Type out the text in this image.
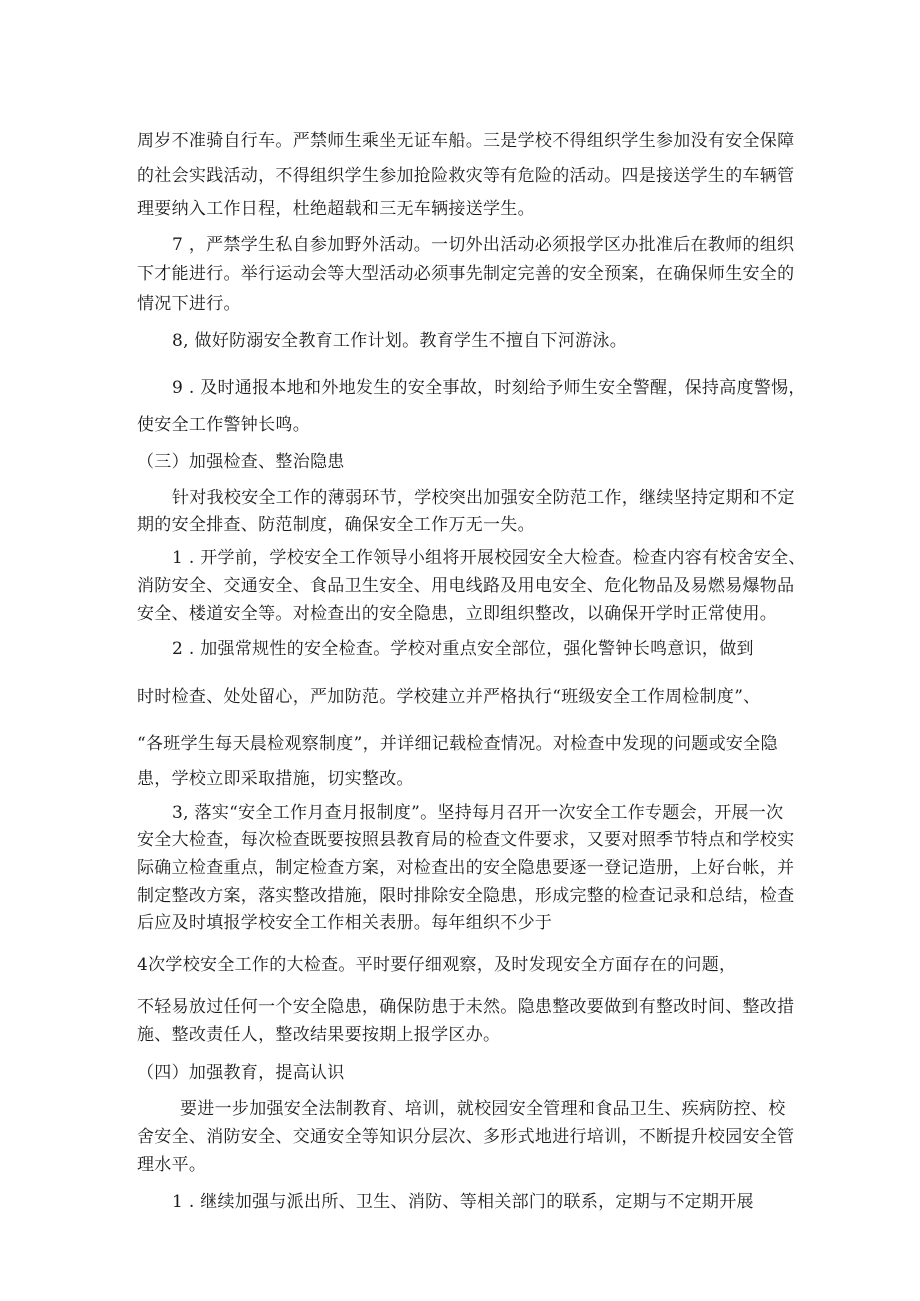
周岁不准骑自行车。严禁师生乘坐无证车船。三是学校不得组织学生参加没有安全保障

的社会实践活动，不得组织学生参加抢险救灾等有危险的活动。四是接送学生的车辆管

理要纳入工作日程，杜绝超载和三无车辆接送学生。

7 ，严禁学生私自参加野外活动。一切外出活动必须报学区办批准后在教师的组织

下才能进行。举行运动会等大型活动必须事先制定完善的安全预案，在确保师生安全的

情况下进行。

8, 做好防溺安全教育工作计划。教育学生不擅自下河游泳。

9 . 及时通报本地和外地发生的安全事故，时刻给予师生安全警醒，保持高度警惕，

使安全工作警钟长鸣。

（三）加强检查、整治隐患

针对我校安全工作的薄弱环节，学校突出加强安全防范工作，继续坚持定期和不定

期的安全排查、防范制度，确保安全工作万无一失。

1 . 开学前，学校安全工作领导小组将开展校园安全大检查。检查内容有校舍安全、

消防安全、交通安全、食品卫生安全、用电线路及用电安全、危化物品及易燃易爆物品

安全、楼道安全等。对检查出的安全隐患，立即组织整改，以确保开学时正常使用。

2 . 加强常规性的安全检查。学校对重点安全部位，强化警钟长鸣意识，做到

时时检查、处处留心，严加防范。学校建立并严格执行“班级安全工作周检制度”、

“各班学生每天晨检观察制度”，并详细记载检查情况。对检查中发现的问题或安全隐

患，学校立即采取措施，切实整改。

3, 落实“安全工作月查月报制度”。坚持每月召开一次安全工作专题会，开展一次

安全大检查，每次检查既要按照县教育局的检查文件要求，又要对照季节特点和学校实

际确立检查重点，制定检查方案，对检查出的安全隐患要逐一登记造册，上好台帐，并

制定整改方案，落实整改措施，限时排除安全隐患，形成完整的检查记录和总结，检查

后应及时填报学校安全工作相关表册。每年组织不少于

4次学校安全工作的大检查。平时要仔细观察，及时发现安全方面存在的问题，

不轻易放过任何一个安全隐患，确保防患于未然。隐患整改要做到有整改时间、整改措

施、整改责任人，整改结果要按期上报学区办。

（四）加强教育，提高认识

要进一步加强安全法制教育、培训，就校园安全管理和食品卫生、疾病防控、校

舍安全、消防安全、交通安全等知识分层次、多形式地进行培训，不断提升校园安全管

理水平。

1 . 继续加强与派出所、卫生、消防、等相关部门的联系，定期与不定期开展
